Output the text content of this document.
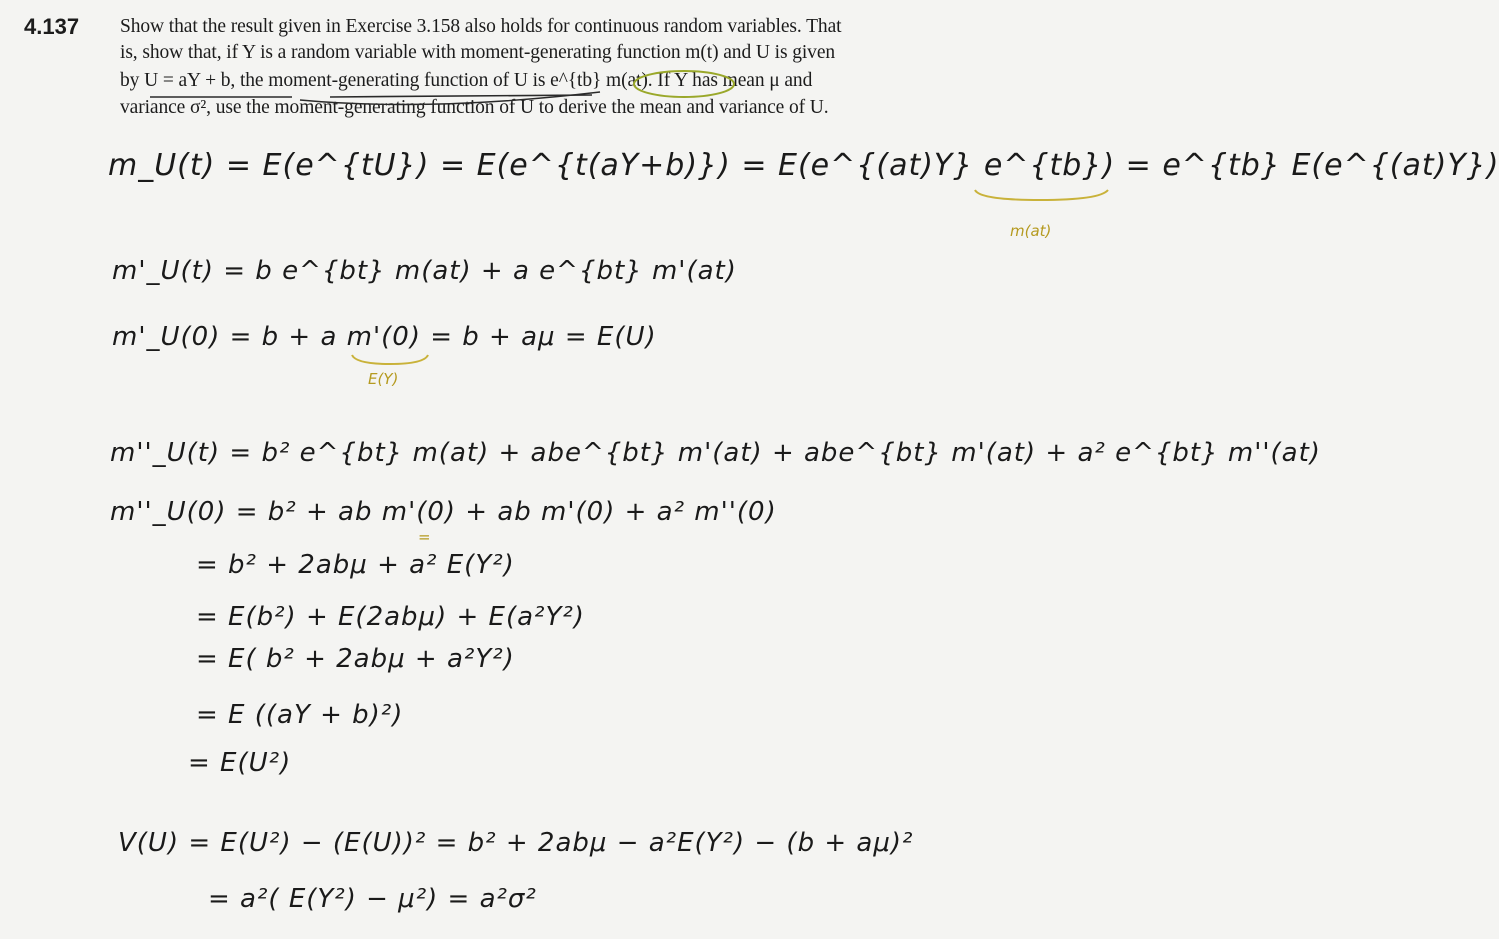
4.137 Show that the result given in Exercise 3.158 also holds for continuous random variables. That
is, show that, if Y is a random variable with moment-generating function m(t) and U is given
by U = aY + b, the moment-generating function of U is e^{tb} m(at). If Y has mean μ and
variance σ², use the moment-generating function of U to derive the mean and variance of U.
m_U(t) = E(e^{tU}) = E(e^{t(aY+b)}) = E(e^{(at)Y} e^{tb}) = e^{tb} E(e^{(at)Y})
m(at)
m'_U(t) = b e^{bt} m(at) + a e^{bt} m'(at)
m'_U(0) = b + a m'(0) = b + aμ = E(U)
E(Y)
m''_U(t) = b² e^{bt} m(at) + abe^{bt} m'(at) + abe^{bt} m'(at) + a² e^{bt} m''(at)
m''_U(0) = b² + ab m'(0) + ab m'(0) + a² m''(0)
=
= b² + 2abμ + a² E(Y²)
= E(b²) + E(2abμ) + E(a²Y²)
= E( b² + 2abμ + a²Y²)
= E ((aY + b)²)
= E(U²)
V(U) = E(U²) − (E(U))² = b² + 2abμ − a²E(Y²) − (b + aμ)²
= a²( E(Y²) − μ²) = a²σ²
